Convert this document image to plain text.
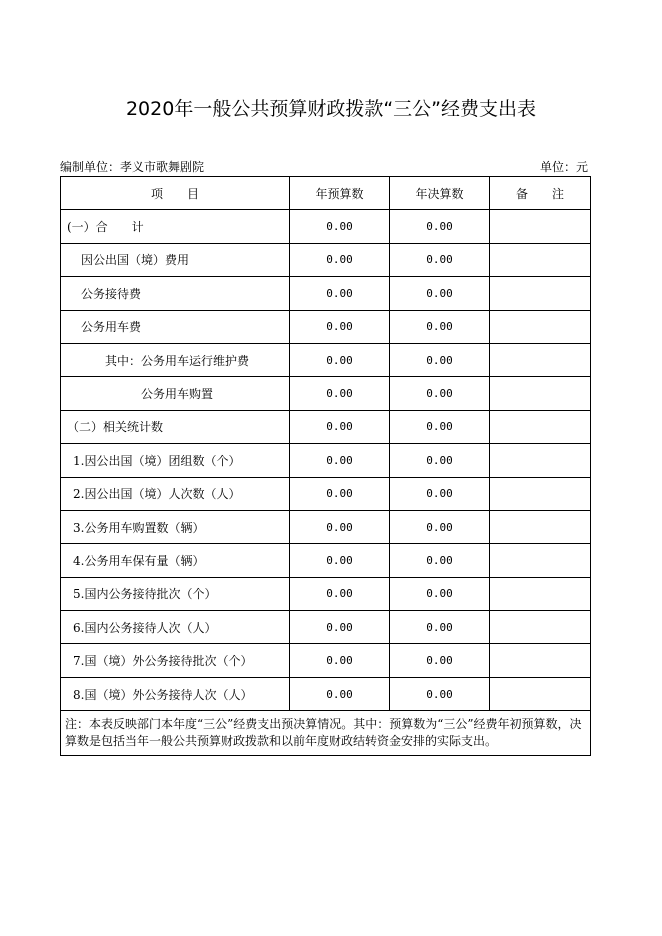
2020年一般公共预算财政拨款“三公”经费支出表
编制单位：孝义市歌舞剧院	单位：元
项　　目	年预算数	年决算数	备　　注
(一）合　　计	0.00	0.00	
因公出国（境）费用	0.00	0.00	
公务接待费	0.00	0.00	
公务用车费	0.00	0.00	
其中：公务用车运行维护费	0.00	0.00	
公务用车购置	0.00	0.00	
（二）相关统计数	0.00	0.00	
1.因公出国（境）团组数（个）	0.00	0.00	
2.因公出国（境）人次数（人）	0.00	0.00	
3.公务用车购置数（辆）	0.00	0.00	
4.公务用车保有量（辆）	0.00	0.00	
5.国内公务接待批次（个）	0.00	0.00	
6.国内公务接待人次（人）	0.00	0.00	
7.国（境）外公务接待批次（个）	0.00	0.00	
8.国（境）外公务接待人次（人）	0.00	0.00	
注：本表反映部门本年度“三公”经费支出预决算情况。其中：预算数为“三公”经费年初预算数，决算数是包括当年一般公共预算财政拨款和以前年度财政结转资金安排的实际支出。			
